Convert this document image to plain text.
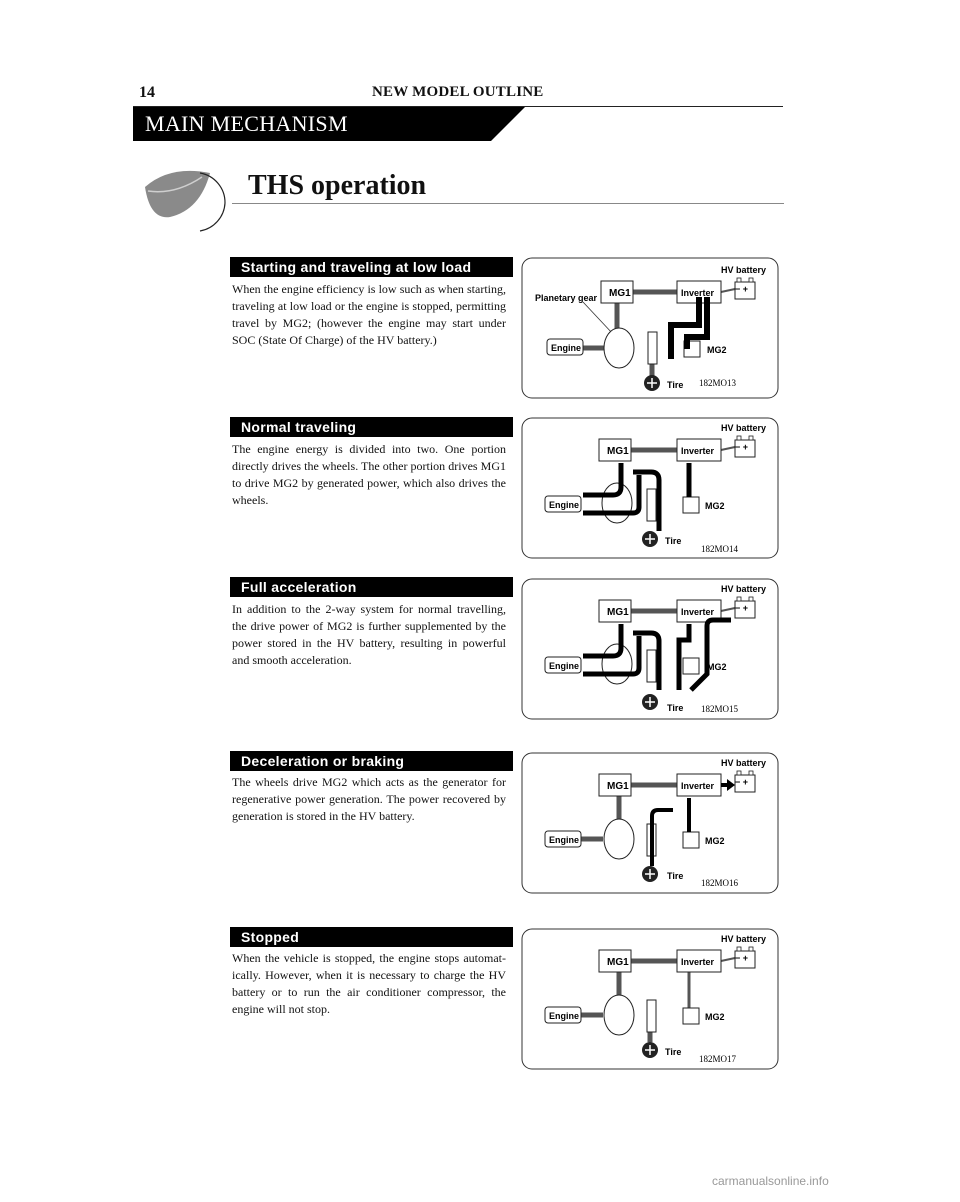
14	NEW MODEL OUTLINE
MAIN MECHANISM
THS operation
Starting and traveling at low load

When the engine efficiency is low such as when starting, traveling at low load or the engine is stopped, permitting travel by MG2; (however the engine may start under SOC (State Of Charge) of the HV battery.)

HV battery
− +
Planetary gear MG1	Inverter
Engine	MG2
Tire 182MO13
Normal traveling

The engine energy is divided into two. One portion directly drives the wheels. The other portion drives MG1 to drive MG2 by generated power, which also drives the wheels.

HV battery
− +
MG1	Inverter
Engine	MG2
Tire
182MO14
Full acceleration

In addition to the 2-way system for normal travelling, the drive power of MG2 is further supplemented by the power stored in the HV battery, resulting in powerful and smooth acceleration.

HV battery
− +
MG1	Inverter
Engine	MG2
Tire 182MO15
Deceleration or braking

The wheels drive MG2 which acts as the generator for regenerative power generation. The power recovered by generation is stored in the HV battery.

HV battery
− +
MG1	Inverter
Engine	MG2
Tire
182MO16
Stopped

When the vehicle is stopped, the engine stops automat-ically. However, when it is necessary to charge the HV battery or to run the air conditioner compressor, the engine will not stop.

HV battery
− +
MG1	Inverter
Engine	MG2
Tire
182MO17
carmanualsonline.info
